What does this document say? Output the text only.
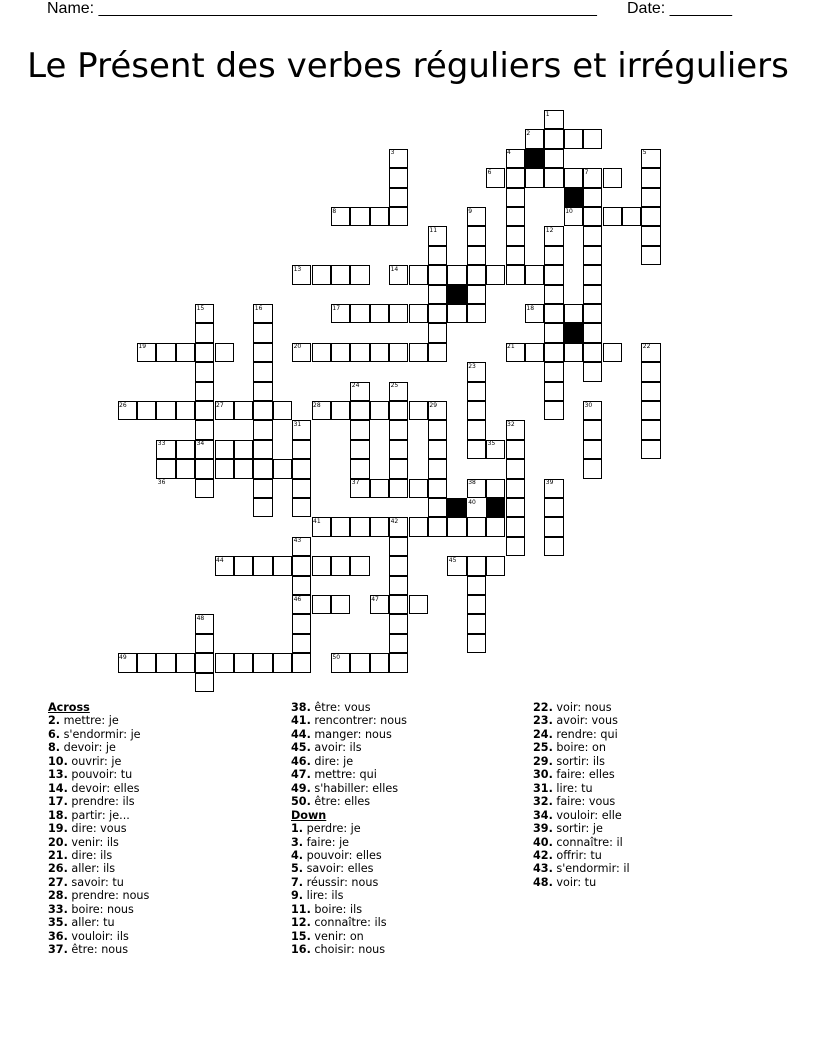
Name: ________________________________________________________ Date: _______
Le Présent des verbes réguliers et irréguliers
1
2
3	4	5
6	7
8	9	10
11	12
13	14
15	16	17	18
19	20	21	22
23
24	25
26	27	28	29	30
31	32
33	34	35
36	37	38	39
40
41	42
43
44	45
46	47
48
49	50
Across
2. mettre: je
6. s'endormir: je
8. devoir: je
10. ouvrir: je
13. pouvoir: tu
14. devoir: elles
17. prendre: ils
18. partir: je...
19. dire: vous
20. venir: ils
21. dire: ils
26. aller: ils
27. savoir: tu
28. prendre: nous
33. boire: nous
35. aller: tu
36. vouloir: ils
37. être: nous
38. être: vous
41. rencontrer: nous
44. manger: nous
45. avoir: ils
46. dire: je
47. mettre: qui
49. s'habiller: elles
50. être: elles
Down
1. perdre: je
3. faire: je
4. pouvoir: elles
5. savoir: elles
7. réussir: nous
9. lire: ils
11. boire: ils
12. connaître: ils
15. venir: on
16. choisir: nous
22. voir: nous
23. avoir: vous
24. rendre: qui
25. boire: on
29. sortir: ils
30. faire: elles
31. lire: tu
32. faire: vous
34. vouloir: elle
39. sortir: je
40. connaître: il
42. offrir: tu
43. s'endormir: il
48. voir: tu
